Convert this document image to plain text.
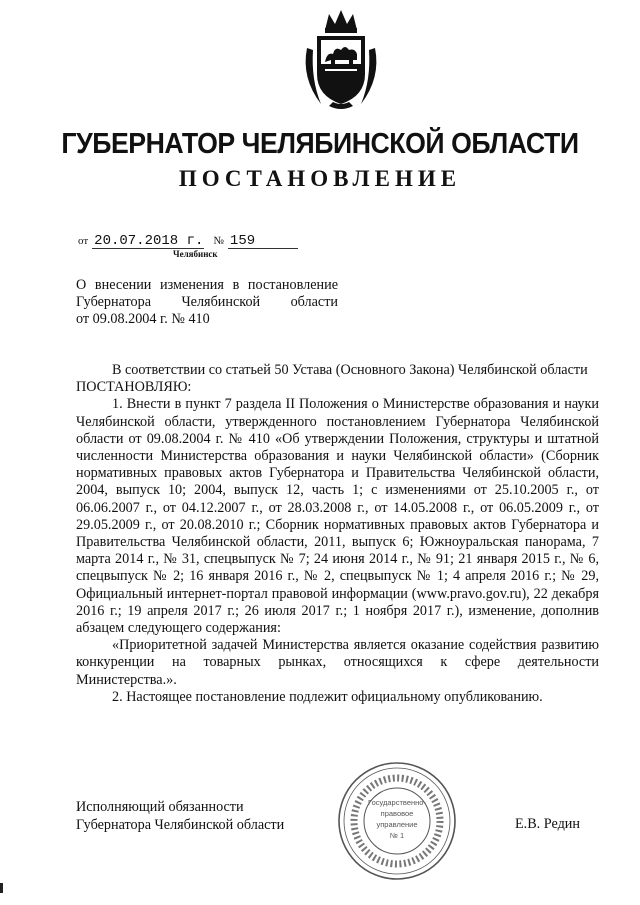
ГУБЕРНАТОР ЧЕЛЯБИНСКОЙ ОБЛАСТИ
ПОСТАНОВЛЕНИЕ
от 20.07.2018 г. № 159
Челябинск
О внесении изменения в постановление
Губернатора Челябинской области
от 09.08.2004 г. № 410

В соответствии со статьей 50 Устава (Основного Закона) Челябинской области

ПОСТАНОВЛЯЮ:

1. Внести в пункт 7 раздела II Положения о Министерстве образования и науки Челябинской области, утвержденного постановлением Губернатора Челябинской области от 09.08.2004 г. № 410 «Об утверждении Положения, структуры и штатной численности Министерства образования и науки Челябинской области» (Сборник нормативных правовых актов Губернатора и Правительства Челябинской области, 2004, выпуск 10; 2004, выпуск 12, часть 1; с изменениями от 25.10.2005 г., от 06.06.2007 г., от 04.12.2007 г., от 28.03.2008 г., от 14.05.2008 г., от 06.05.2009 г., от 29.05.2009 г., от 20.08.2010 г.; Сборник нормативных правовых актов Губернатора и Правительства Челябинской области, 2011, выпуск 6; Южноуральская панорама, 7 марта 2014 г., № 31, спецвыпуск № 7; 24 июня 2014 г., № 91; 21 января 2015 г., № 6, спецвыпуск № 2; 16 января 2016 г., № 2, спецвыпуск № 1; 4 апреля 2016 г.; № 29, Официальный интернет-портал правовой информации (www.pravo.gov.ru), 22 декабря 2016 г.; 19 апреля 2017 г.; 26 июля 2017 г.; 1 ноября 2017 г.), изменение, дополнив абзацем следующего содержания:

«Приоритетной задачей Министерства является оказание содействия развитию конкуренции на товарных рынках, относящихся к сфере деятельности Министерства.».

2. Настоящее постановление подлежит официальному опубликованию.

Государственно-
правовое
управление
№ 1
Исполняющий обязанности
Губернатора Челябинской области	Е.В. Редин
